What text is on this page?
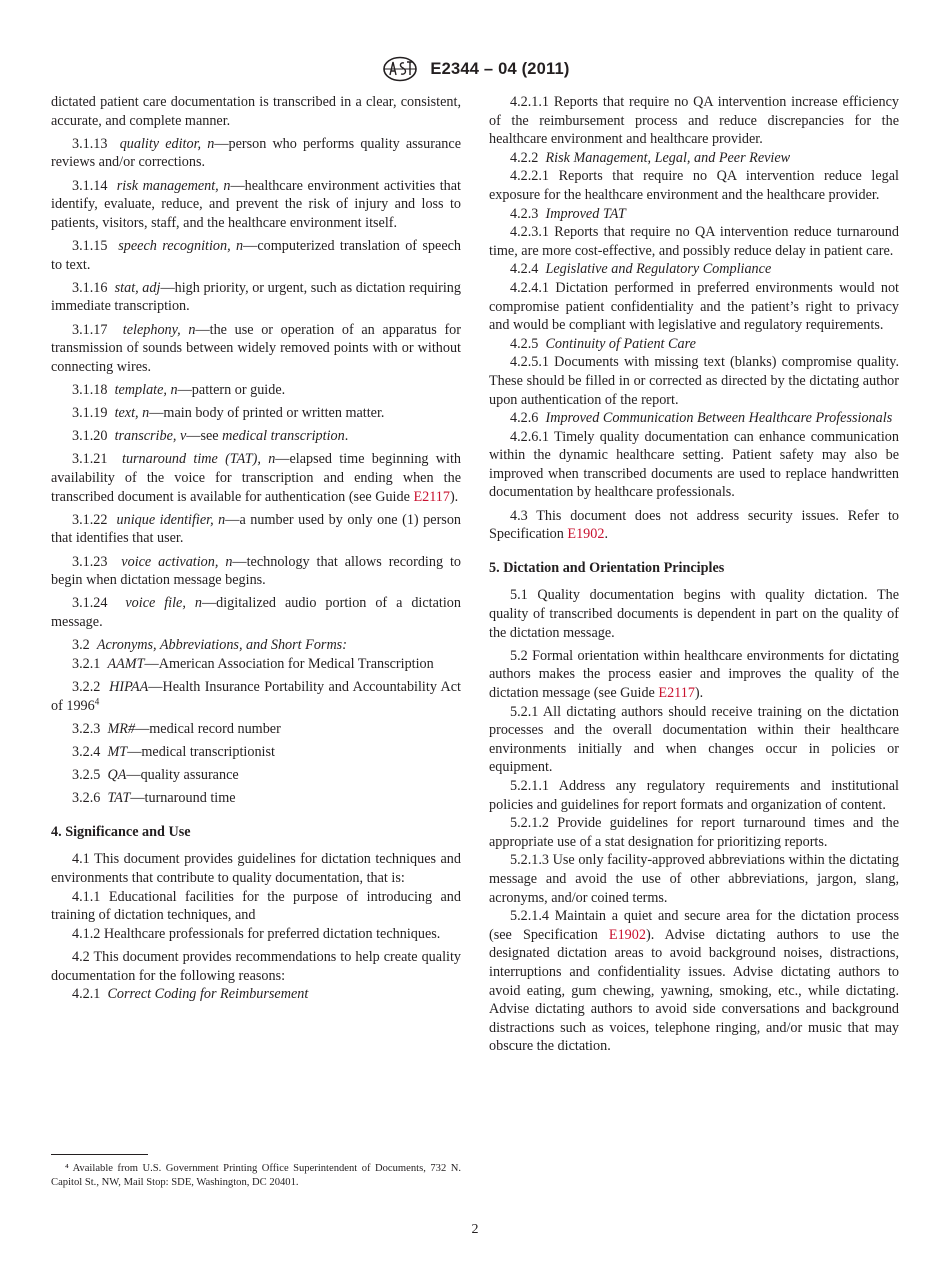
E2344 – 04 (2011)

dictated patient care documentation is transcribed in a clear, consistent, accurate, and complete manner.

3.1.13 quality editor, n—person who performs quality assurance reviews and/or corrections.

3.1.14 risk management, n—healthcare environment activities that identify, evaluate, reduce, and prevent the risk of injury and loss to patients, visitors, staff, and the healthcare environment itself.

3.1.15 speech recognition, n—computerized translation of speech to text.

3.1.16 stat, adj—high priority, or urgent, such as dictation requiring immediate transcription.

3.1.17 telephony, n—the use or operation of an apparatus for transmission of sounds between widely removed points with or without connecting wires.

3.1.18 template, n—pattern or guide.

3.1.19 text, n—main body of printed or written matter.

3.1.20 transcribe, v—see medical transcription.

3.1.21 turnaround time (TAT), n—elapsed time beginning with availability of the voice for transcription and ending when the transcribed document is available for authentication (see Guide E2117).

3.1.22 unique identifier, n—a number used by only one (1) person that identifies that user.

3.1.23 voice activation, n—technology that allows recording to begin when dictation message begins.

3.1.24 voice file, n—digitalized audio portion of a dictation message.

3.2 Acronyms, Abbreviations, and Short Forms:

3.2.1 AAMT—American Association for Medical Transcription

3.2.2 HIPAA—Health Insurance Portability and Accountability Act of 1996$^4$

3.2.3 MR#—medical record number

3.2.4 MT—medical transcriptionist

3.2.5 QA—quality assurance

3.2.6 TAT—turnaround time

4. Significance and Use

4.1 This document provides guidelines for dictation techniques and environments that contribute to quality documentation, that is:

4.1.1 Educational facilities for the purpose of introducing and training of dictation techniques, and

4.1.2 Healthcare professionals for preferred dictation techniques.

4.2 This document provides recommendations to help create quality documentation for the following reasons:

4.2.1 Correct Coding for Reimbursement

⁴ Available from U.S. Government Printing Office Superintendent of Documents, 732 N. Capitol St., NW, Mail Stop: SDE, Washington, DC 20401.

4.2.1.1 Reports that require no QA intervention increase efficiency of the reimbursement process and reduce discrepancies for the healthcare environment and healthcare provider.

4.2.2 Risk Management, Legal, and Peer Review

4.2.2.1 Reports that require no QA intervention reduce legal exposure for the healthcare environment and the healthcare provider.

4.2.3 Improved TAT

4.2.3.1 Reports that require no QA intervention reduce turnaround time, are more cost-effective, and possibly reduce delay in patient care.

4.2.4 Legislative and Regulatory Compliance

4.2.4.1 Dictation performed in preferred environments would not compromise patient confidentiality and the patient’s right to privacy and would be compliant with legislative and regulatory requirements.

4.2.5 Continuity of Patient Care

4.2.5.1 Documents with missing text (blanks) compromise quality. These should be filled in or corrected as directed by the dictating author upon authentication of the report.

4.2.6 Improved Communication Between Healthcare Professionals

4.2.6.1 Timely quality documentation can enhance communication within the dynamic healthcare setting. Patient safety may also be improved when transcribed documents are used to replace handwritten documentation by healthcare professionals.

4.3 This document does not address security issues. Refer to Specification E1902.

5. Dictation and Orientation Principles

5.1 Quality documentation begins with quality dictation. The quality of transcribed documents is dependent in part on the quality of the dictation message.

5.2 Formal orientation within healthcare environments for dictating authors makes the process easier and improves the quality of the dictation message (see Guide E2117).

5.2.1 All dictating authors should receive training on the dictation processes and the overall documentation within their healthcare environments initially and when changes occur in policies or equipment.

5.2.1.1 Address any regulatory requirements and institutional policies and guidelines for report formats and organization of content.

5.2.1.2 Provide guidelines for report turnaround times and the appropriate use of a stat designation for prioritizing reports.

5.2.1.3 Use only facility-approved abbreviations within the dictating message and avoid the use of other abbreviations, jargon, slang, acronyms, and/or coined terms.

5.2.1.4 Maintain a quiet and secure area for the dictation process (see Specification E1902). Advise dictating authors to use the designated dictation areas to avoid background noises, distractions, interruptions and confidentiality issues. Advise dictating authors to avoid eating, gum chewing, yawning, smoking, etc., while dictating. Advise dictating authors to avoid side conversations and background distractions such as voices, telephone ringing, and/or music that may obscure the dictation.

2
